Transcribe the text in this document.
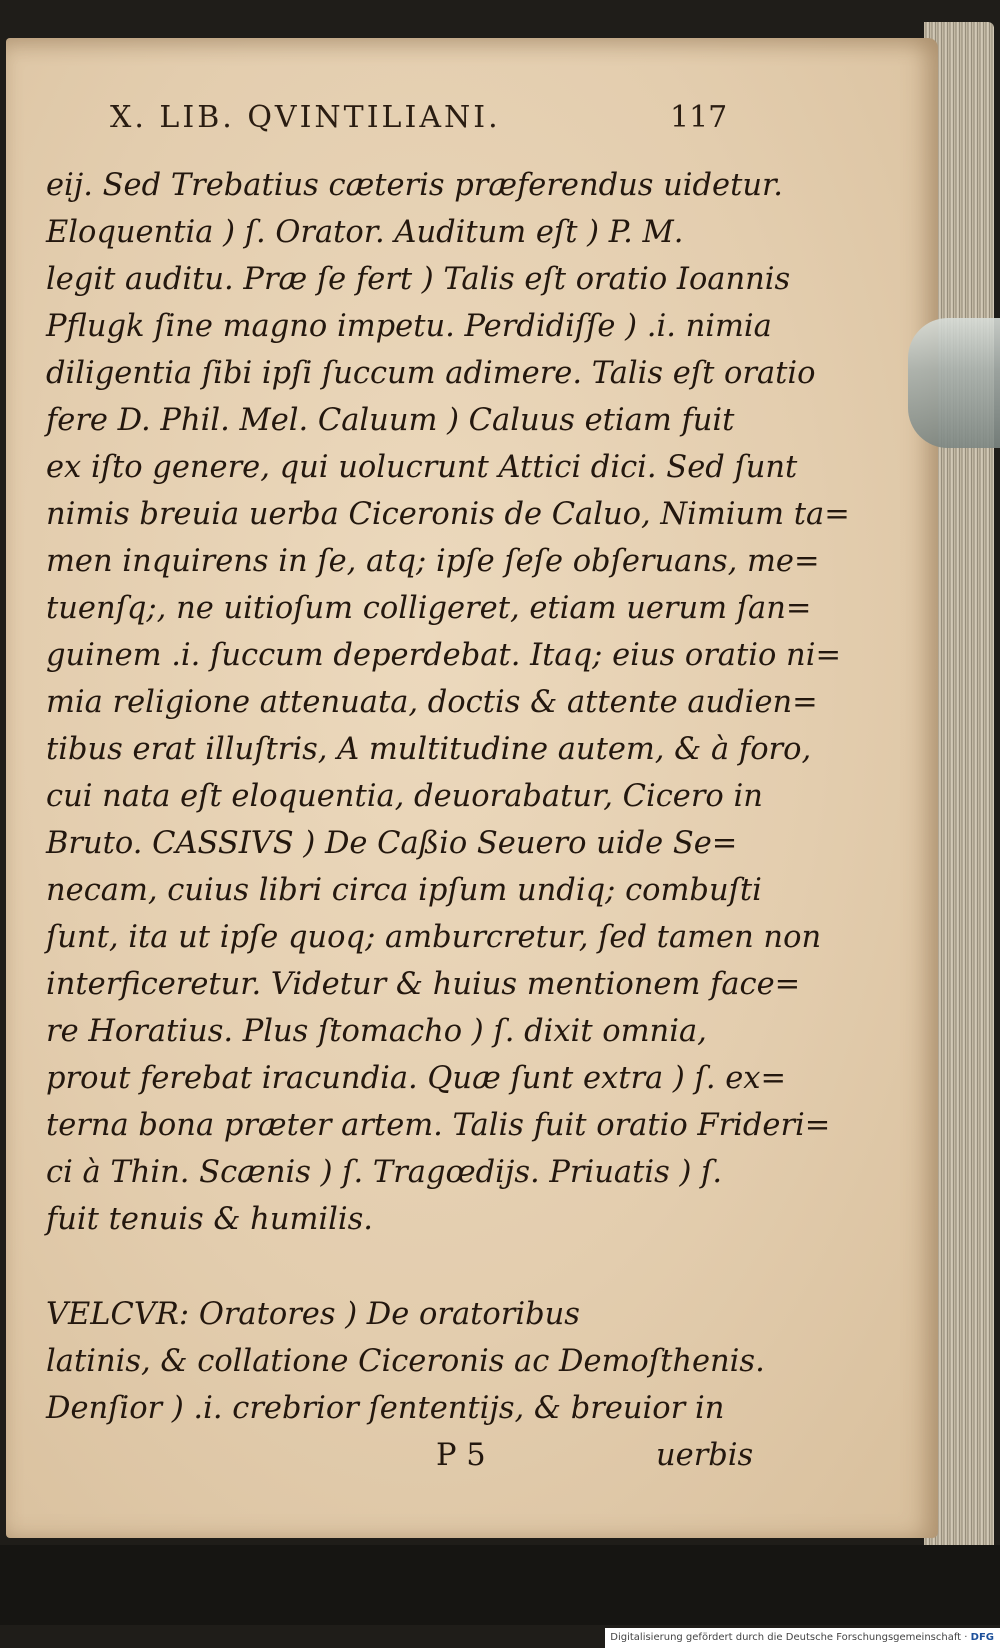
X. LIB. QVINTILIANI.	117
eij. Sed Trebatius cæteris præferendus uidetur.
Eloquentia ) ſ. Orator. Auditum eſt ) P. M.
legit auditu. Præ ſe fert ) Talis eſt oratio Ioannis
Pflugk ſine magno impetu. Perdidiſſe ) .i. nimia
diligentia ſibi ipſi ſuccum adimere. Talis eſt oratio
fere D. Phil. Mel. Caluum ) Caluus etiam fuit
ex iſto genere, qui uolucrunt Attici dici. Sed ſunt
nimis breuia uerba Ciceronis de Caluo, Nimium ta=
men inquirens in ſe, atq; ipſe ſeſe obſeruans, me=
tuenſq;, ne uitioſum colligeret, etiam uerum ſan=
guinem .i. ſuccum deperdebat. Itaq; eius oratio ni=
mia religione attenuata, doctis & attente audien=
tibus erat illuſtris, A multitudine autem, & à foro,
cui nata eſt eloquentia, deuorabatur, Cicero in
Bruto. CASSIVS ) De Caßio Seuero uide Se=
necam, cuius libri circa ipſum undiq; combuſti
ſunt, ita ut ipſe quoq; amburcretur, ſed tamen non
interficeretur. Videtur & huius mentionem face=
re Horatius. Plus ſtomacho ) ſ. dixit omnia,
prout ferebat iracundia. Quæ ſunt extra ) ſ. ex=
terna bona præter artem. Talis fuit oratio Frideri=
ci à Thin. Scænis ) ſ. Tragœdijs. Priuatis ) ſ.
fuit tenuis & humilis.
VELCVR: Oratores ) De oratoribus
latinis, & collatione Ciceronis ac Demoſthenis.
Denſior ) .i. crebrior ſententijs, & breuior in
P 5	uerbis
Digitalisierung gefördert durch die Deutsche Forschungsgemeinschaft · DFG
